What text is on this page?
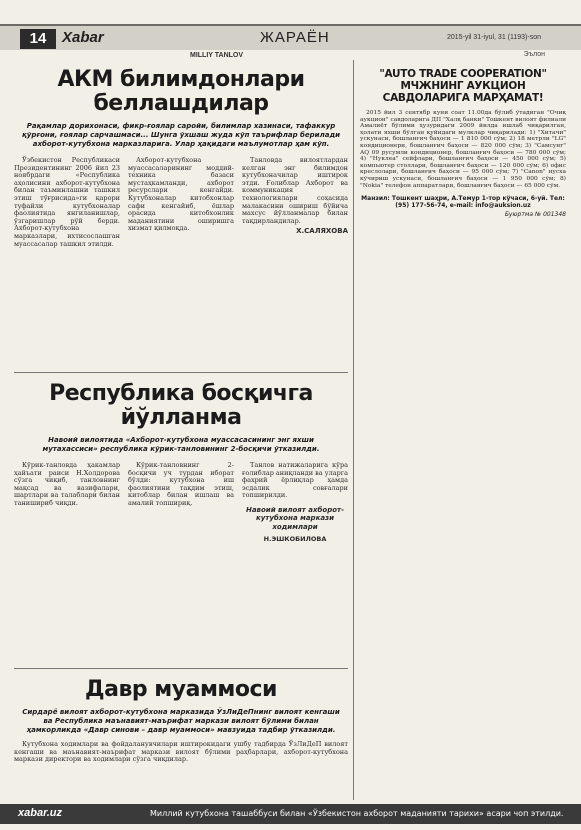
14	Xabar	ЖАРАЁН	2015-yil 31-iyul, 31 (1193)-son
MILLIY TANLOV	Эълон
АКМ билимдонлари беллашдилар
Рақамлар дорихонаси, фикр-ғоялар саройи, билимлар хазинаси, тафаккур қўрғони, ғоялар сарчашмаси... Шунга ўхшаш жуда кўп таърифлар берилади ахборот-кутубхона марказларига. Улар ҳақидаги маълумотлар ҳам кўп.

Ўзбекистон Республикаси Президентининг 2006 йил 23 ноябрдаги «Республика аҳолисини ахборот-кутубхона билан таъминлашни ташкил этиш тўғрисида»ги қарори туфайли кутубхоналар фаолиятида янгиланишлар, ўзгаришлар рўй берди. Ахборот-кутубхона марказлари, ихтисослашган муассасалар ташкил этилди.

Ахборот-кутубхона муассасаларининг моддий-техника базаси мустаҳкамланди, ахборот ресурслари кенгайди. Кутубхоналар китобхонлар сафи кенгайиб, ёшлар орасида китобхонлик маданиятини оширишга хизмат қилмоқда.

Танловда вилоятлардан келган энг билимдон кутубхоначилар иштирок этди. Ғолиблар Ахборот ва коммуникация технологиялари соҳасида малакасини ошириш бўйича махсус йўлланмалар билан тақдирландилар.

Х.САЛЯХОВА
Республика босқичга йўлланма
Навоий вилоятида «Ахборот-кутубхона муассасасининг энг яхши мутахассиси» республика кўрик-танловининг 2-босқичи ўтказилди.

Кўрик-танловда ҳакамлар ҳайъати раиси Н.Холдорова сўзга чиқиб, танловнинг мақсад ва вазифалари, шартлари ва талаблари билан танишириб чиқди.

Кўрик-танловнинг 2-босқичи уч турдан иборат бўлди: кутубхона иш фаолиятини тақдим этиш, китоблар билан ишлаш ва амалий топшириқ.

Танлов натижаларига кўра ғолиблар аниқланди ва уларга фахрий ёрлиқлар ҳамда эсдалик совғалари топширилди.

Навоий вилоят ахборот-кутубхона маркази ходимлари
Н.ЭШКОБИЛОВА
Давр муаммоси
Сирдарё вилоят ахборот-кутубхона марказида ЎзЛиДеПнинг вилоят кенгаши ва Республика маънавият-маърифат маркази вилоят бўлими билан ҳамкорликда «Давр синови – давр муаммоси» мавзуида тадбир ўтказилди.

Кутубхона ходимлари ва фойдаланувчилари иштирокидаги ушбу тадбирда ЎзЛиДеП вилоят кенгаши ва маънавият-маърифат маркази вилоят бўлими раҳбарлари, ахборот-кутубхона маркази директори ва ходимлари сўзга чиқдилар.

"AUTO TRADE COOPERATION" МЧЖНИНГ АУКЦИОН САВДОЛАРИГА МАРҲАМАТ!

2015 йил 3 сентябр куни соат 11.00да бўлиб ўтадиган "Очиқ аукцион" савдоларига ДП "Халқ банки" Тошкент вилоят филиали Амалиёт бўлими ҳузуридаги 2009 йилда ишлаб чиқарилган, ҳолати яхши бўлган қуйидаги мулклар чиқарилади: 1) "Хитачи" ускунаси, бошланғич баҳоси — 1 810 000 сўм; 2) 18 метрли "LG" кондиционери, бошланғич баҳоси — 820 000 сўм; 3) "Самсунг" AQ 09 русумли кондиционер, бошланғич баҳоси — 780 000 сўм; 4) "Нуклеа" сейфлари, бошланғич баҳоси — 450 000 сўм; 5) компьютер столлари, бошланғич баҳоси — 120 000 сўм; 6) офис креслолари, бошланғич баҳоси — 95 000 сўм; 7) "Canon" нусха кўчириш ускунаси, бошланғич баҳоси — 1 950 000 сўм; 8) "Nokia" телефон аппаратлари, бошланғич баҳоси — 65 000 сўм.

Манзил: Тошкент шаҳри, А.Темур 1-тор кўчаси, 6-уй. Тел: (95) 177-56-74, e-mail: info@auksion.uz
Буюртма № 001348
xabar.uz	Миллий кутубхона ташаббуси билан «Ўзбекистон ахборот маданияти тарихи» асари чоп этилди.
